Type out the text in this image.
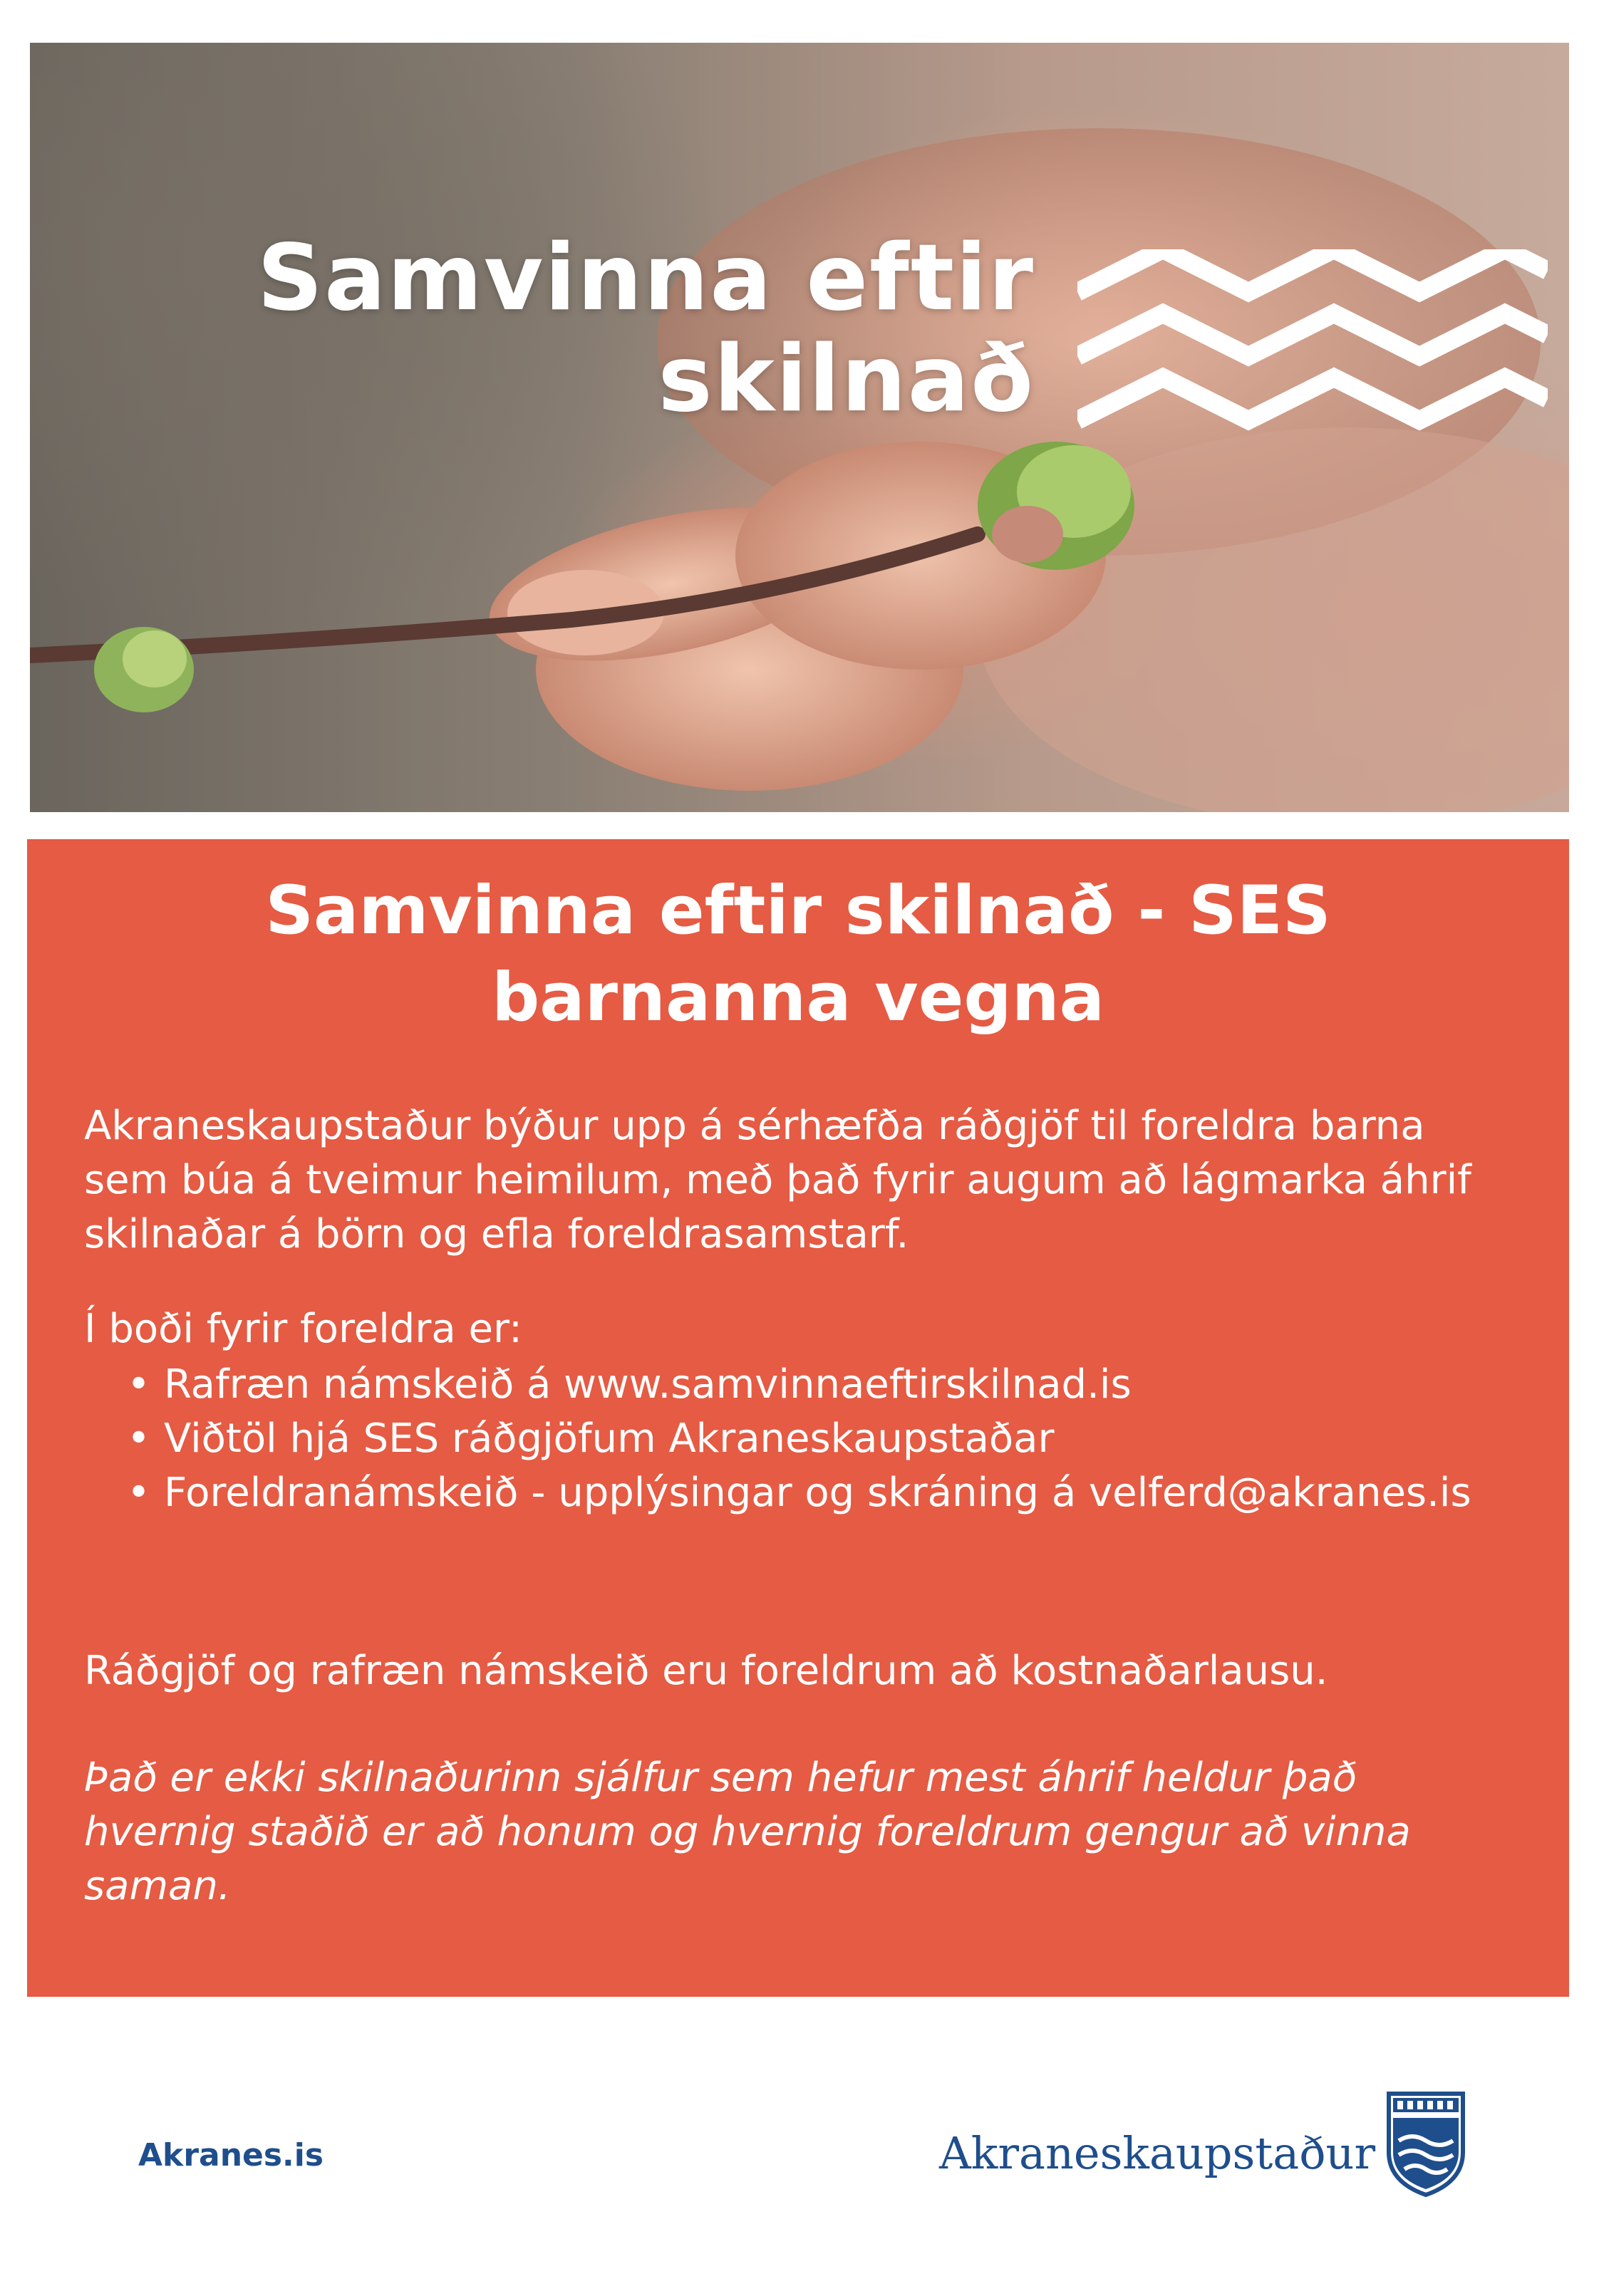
Samvinna eftir
skilnað
Samvinna eftir skilnað - SES
barnanna vegna

Akraneskaupstaður býður upp á sérhæfða ráðgjöf til foreldra barna sem búa á tveimur heimilum, með það fyrir augum að lágmarka áhrif skilnaðar á börn og efla foreldrasamstarf.

Í boði fyrir foreldra er:

• Rafræn námskeið á www.samvinnaeftirskilnad.is
• Viðtöl hjá SES ráðgjöfum Akraneskaupstaðar
• Foreldranámskeið - upplýsingar og skráning á velferd@akranes.is

Ráðgjöf og rafræn námskeið eru foreldrum að kostnaðarlausu.

Það er ekki skilnaðurinn sjálfur sem hefur mest áhrif heldur það hvernig staðið er að honum og hvernig foreldrum gengur að vinna saman.

Akranes.is	Akraneskaupstaður
